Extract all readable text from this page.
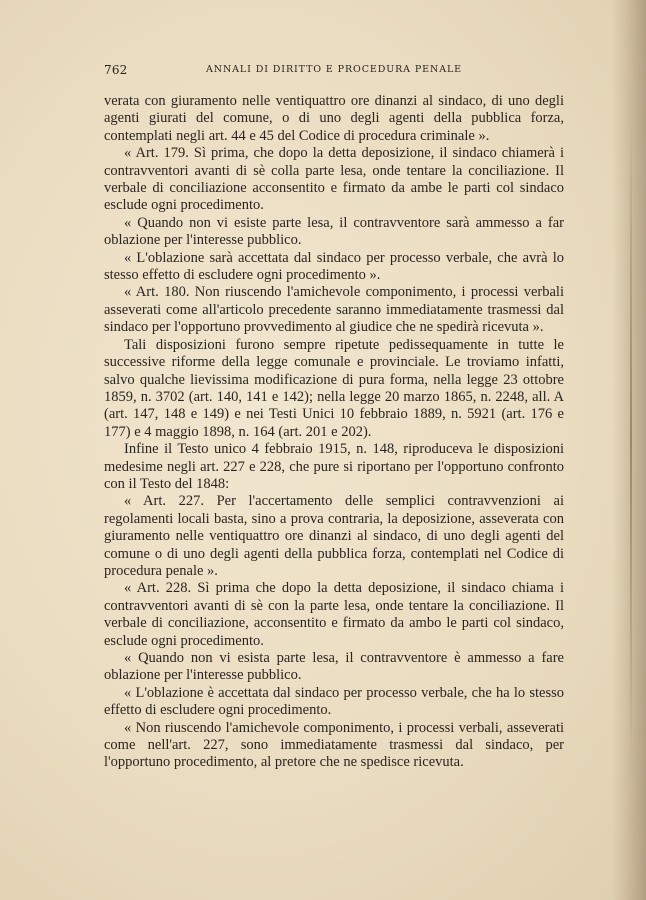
762	ANNALI DI DIRITTO E PROCEDURA PENALE

verata con giuramento nelle ventiquattro ore dinanzi al sindaco, di uno degli agenti giurati del comune, o di uno degli agenti della pubblica forza, contemplati negli art. 44 e 45 del Codice di procedura criminale ».

« Art. 179. Sì prima, che dopo la detta deposizione, il sindaco chiamerà i contravventori avanti di sè colla parte lesa, onde tentare la conciliazione. Il verbale di conciliazione acconsentito e firmato da ambe le parti col sindaco esclude ogni procedimento.

« Quando non vi esiste parte lesa, il contravventore sarà ammesso a far oblazione per l'interesse pubblico.

« L'oblazione sarà accettata dal sindaco per processo verbale, che avrà lo stesso effetto di escludere ogni procedimento ».

« Art. 180. Non riuscendo l'amichevole componimento, i processi verbali asseverati come all'articolo precedente saranno immediatamente trasmessi dal sindaco per l'opportuno provvedimento al giudice che ne spedirà ricevuta ».

Tali disposizioni furono sempre ripetute pedissequamente in tutte le successive riforme della legge comunale e provinciale. Le troviamo infatti, salvo qualche lievissima modificazione di pura forma, nella legge 23 ottobre 1859, n. 3702 (art. 140, 141 e 142); nella legge 20 marzo 1865, n. 2248, all. A (art. 147, 148 e 149) e nei Testi Unici 10 febbraio 1889, n. 5921 (art. 176 e 177) e 4 maggio 1898, n. 164 (art. 201 e 202).

Infine il Testo unico 4 febbraio 1915, n. 148, riproduceva le disposizioni medesime negli art. 227 e 228, che pure si riportano per l'opportuno confronto con il Testo del 1848:

« Art. 227. Per l'accertamento delle semplici contravvenzioni ai regolamenti locali basta, sino a prova contraria, la deposizione, asseverata con giuramento nelle ventiquattro ore dinanzi al sindaco, di uno degli agenti del comune o di uno degli agenti della pubblica forza, contemplati nel Codice di procedura penale ».

« Art. 228. Sì prima che dopo la detta deposizione, il sindaco chiama i contravventori avanti di sè con la parte lesa, onde tentare la conciliazione. Il verbale di conciliazione, acconsentito e firmato da ambo le parti col sindaco, esclude ogni procedimento.

« Quando non vi esista parte lesa, il contravventore è ammesso a fare oblazione per l'interesse pubblico.

« L'oblazione è accettata dal sindaco per processo verbale, che ha lo stesso effetto di escludere ogni procedimento.

« Non riuscendo l'amichevole componimento, i processi verbali, asseverati come nell'art. 227, sono immediatamente trasmessi dal sindaco, per l'opportuno procedimento, al pretore che ne spedisce ricevuta.
